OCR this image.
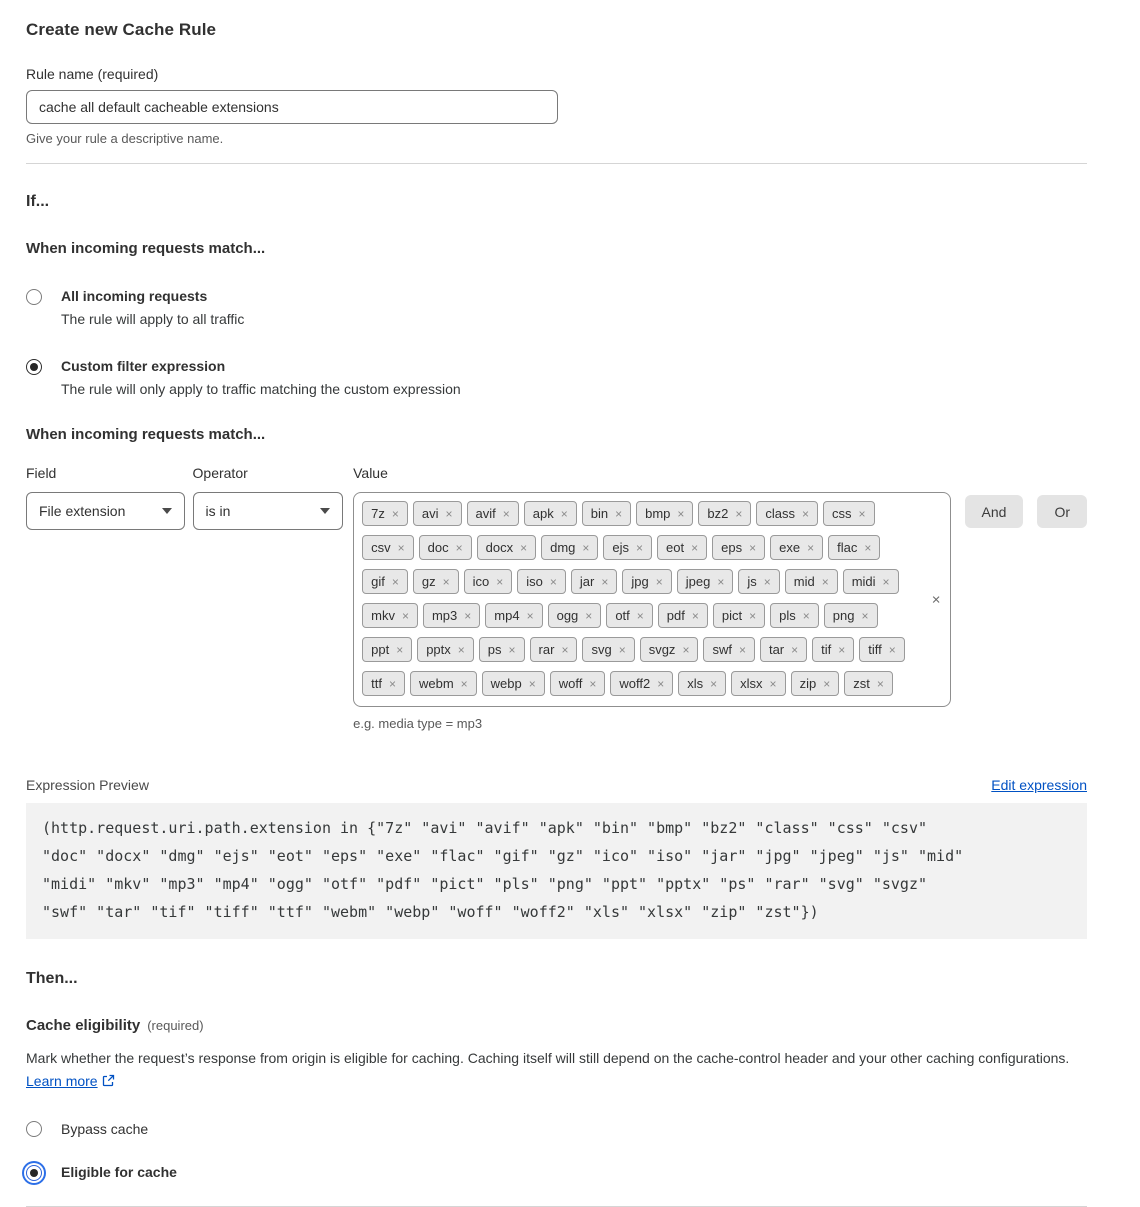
Create new Cache Rule
Rule name (required)
cache all default cacheable extensions
Give your rule a descriptive name.
If...
When incoming requests match...
All incoming requests
The rule will apply to all traffic
Custom filter expression
The rule will only apply to traffic matching the custom expression
When incoming requests match...
Field
File extension
Operator
is in
Value
7z × avi × avif × apk × bin × bmp × bz2 × class × css ×
csv × doc × docx × dmg × ejs × eot × eps × exe × flac ×
gif × gz × ico × iso × jar × jpg × jpeg × js × mid × midi ×
mkv × mp3 × mp4 × ogg × otf × pdf × pict × pls × png ×
ppt × pptx × ps × rar × svg × svgz × swf × tar × tif × tiff ×
ttf × webm × webp × woff × woff2 × xls × xlsx × zip × zst ×
×
e.g. media type = mp3
And	Or
Expression Preview	Edit expression
(http.request.uri.path.extension in {"7z" "avi" "avif" "apk" "bin" "bmp" "bz2" "class" "css" "csv"
"doc" "docx" "dmg" "ejs" "eot" "eps" "exe" "flac" "gif" "gz" "ico" "iso" "jar" "jpg" "jpeg" "js" "mid"
"midi" "mkv" "mp3" "mp4" "ogg" "otf" "pdf" "pict" "pls" "png" "ppt" "pptx" "ps" "rar" "svg" "svgz"
"swf" "tar" "tif" "tiff" "ttf" "webm" "webp" "woff" "woff2" "xls" "xlsx" "zip" "zst"})
Then...
Cache eligibility (required)

Mark whether the request’s response from origin is eligible for caching. Caching itself will still depend on the cache-control header and your other caching configurations. Learn more

Bypass cache
Eligible for cache
